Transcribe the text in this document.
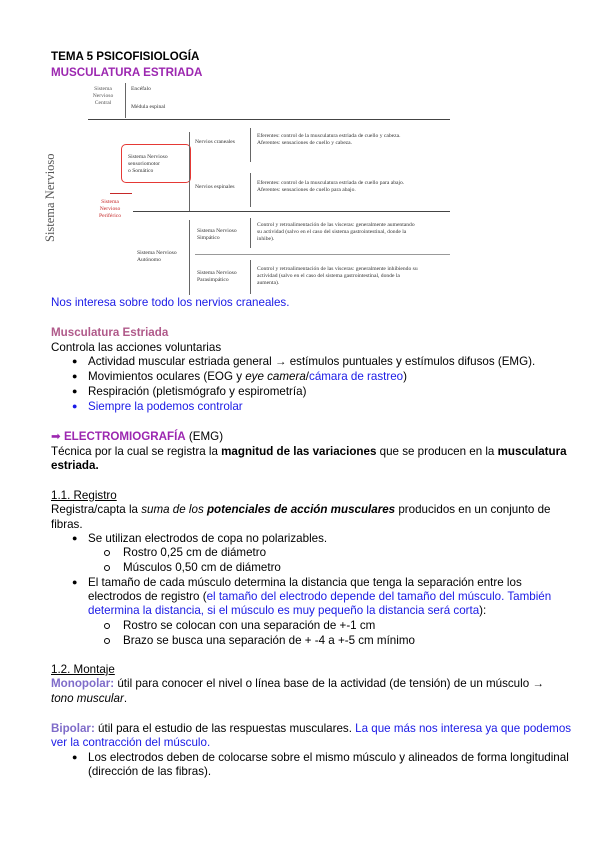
TEMA 5 PSICOFISIOLOGÍA
MUSCULATURA ESTRIADA
Sistema Nervioso
Sistema
Nervioso
Central
Encéfalo
Médula espinal
Sistema
Nervioso
Periférico
Sistema Nervioso
sensoriomotor
o Somático
Nervios craneales
Eferentes: control de la musculatura estriada de cuello y cabeza.
Aferentes: sensaciones de cuello y cabeza.
Nervios espinales
Eferentes: control de la musculatura estriada de cuello para abajo.
Aferentes: sensaciones de cuello para abajo.
Sistema Nervioso
Autónomo
Sistema Nervioso
Simpático
Control y retroalimentación de las vísceras: generalmente aumentando
su actividad (salvo en el caso del sistema gastrointestinal, donde la
inhibe).
Sistema Nervioso
Parasimpático
Control y retroalimentación de las vísceras: generalmente inhibiendo su
actividad (salvo en el caso del sistema gastrointestinal, donde la
aumenta).
Nos interesa sobre todo los nervios craneales.
Musculatura Estriada
Controla las acciones voluntarias
● Actividad muscular estriada general → estímulos puntuales y estímulos difusos (EMG).
● Movimientos oculares (EOG y eye camera/cámara de rastreo)
● Respiración (pletismógrafo y espirometría)
● Siempre la podemos controlar
➡ ELECTROMIOGRAFÍA (EMG)
Técnica por la cual se registra la magnitud de las variaciones que se producen en la musculatura
estriada.
1.1. Registro
Registra/capta la suma de los potenciales de acción musculares producidos en un conjunto de
fibras.
● Se utilizan electrodos de copa no polarizables.
Rostro 0,25 cm de diámetro
Músculos 0,50 cm de diámetro
● El tamaño de cada músculo determina la distancia que tenga la separación entre los
electrodos de registro (el tamaño del electrodo depende del tamaño del músculo. También
determina la distancia, si el músculo es muy pequeño la distancia será corta):
Rostro se colocan con una separación de +-1 cm
Brazo se busca una separación de + -4 a +-5 cm mínimo
1.2. Montaje
Monopolar: útil para conocer el nivel o línea base de la actividad (de tensión) de un músculo →
tono muscular.
Bipolar: útil para el estudio de las respuestas musculares. La que más nos interesa ya que podemos
ver la contracción del músculo.
● Los electrodos deben de colocarse sobre el mismo músculo y alineados de forma longitudinal
(dirección de las fibras).
